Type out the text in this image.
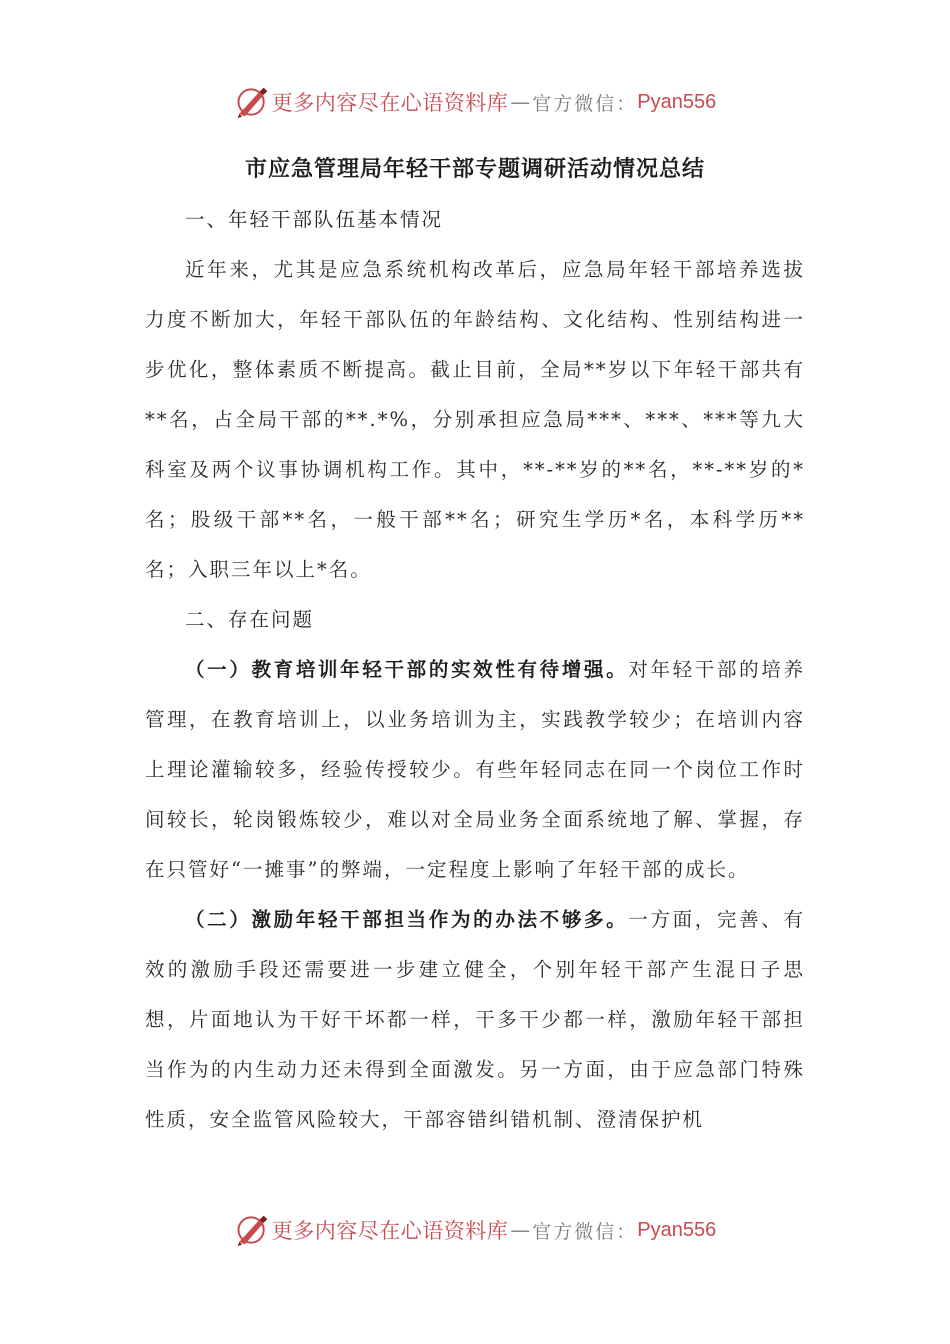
更多内容尽在心语资料库 — 官方微信： Pyan556
市应急管理局年轻干部专题调研活动情况总结

一、年轻干部队伍基本情况

近年来，尤其是应急系统机构改革后，应急局年轻干部培养选拔力度不断加大，年轻干部队伍的年龄结构、文化结构、性别结构进一步优化，整体素质不断提高。截止目前，全局**岁以下年轻干部共有**名，占全局干部的**.*%，分别承担应急局***、***、***等九大科室及两个议事协调机构工作。其中，**-**岁的**名，**-**岁的*名；股级干部**名，一般干部**名；研究生学历*名，本科学历**名；入职三年以上*名。

二、存在问题

（一）教育培训年轻干部的实效性有待增强。对年轻干部的培养管理，在教育培训上，以业务培训为主，实践教学较少；在培训内容上理论灌输较多，经验传授较少。有些年轻同志在同一个岗位工作时间较长，轮岗锻炼较少，难以对全局业务全面系统地了解、掌握，存在只管好“一摊事”的弊端，一定程度上影响了年轻干部的成长。

（二）激励年轻干部担当作为的办法不够多。一方面，完善、有效的激励手段还需要进一步建立健全，个别年轻干部产生混日子思想，片面地认为干好干坏都一样，干多干少都一样，激励年轻干部担当作为的内生动力还未得到全面激发。另一方面，由于应急部门特殊性质，安全监管风险较大，干部容错纠错机制、澄清保护机

更多内容尽在心语资料库 — 官方微信： Pyan556
